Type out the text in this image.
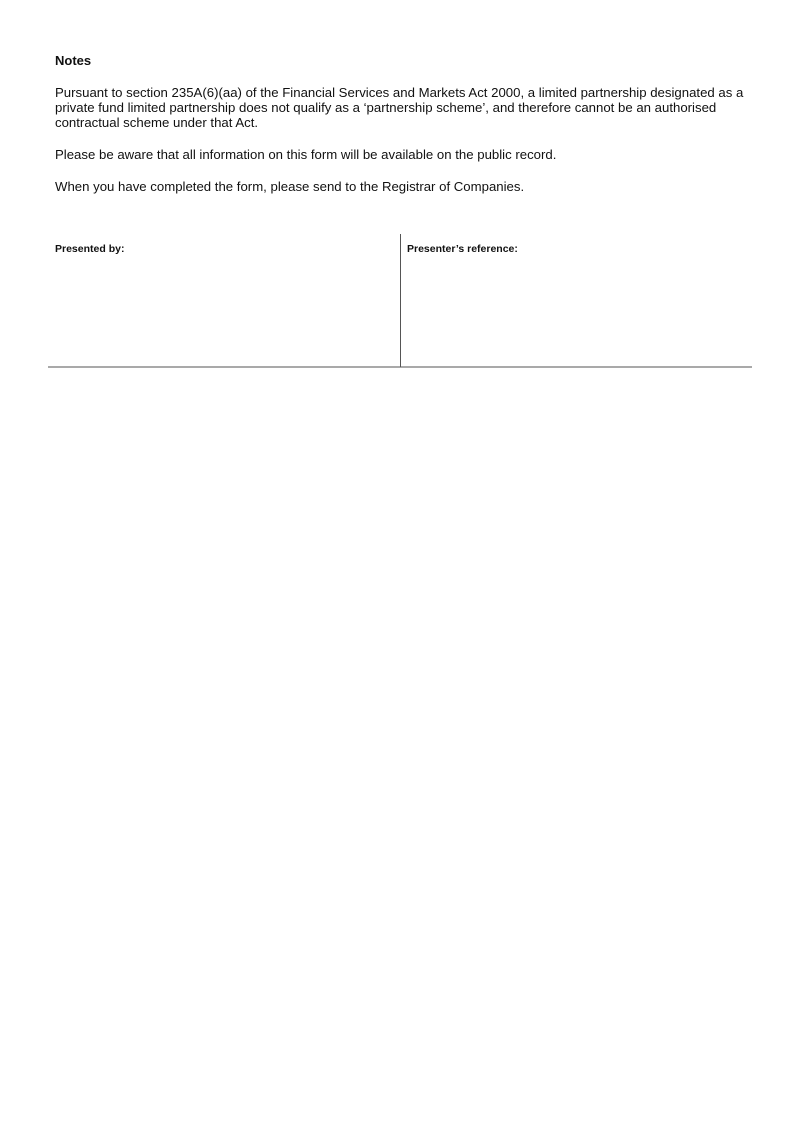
Notes

Pursuant to section 235A(6)(aa) of the Financial Services and Markets Act 2000, a limited partnership designated as a private fund limited partnership does not qualify as a ‘partnership scheme’, and therefore cannot be an authorised contractual scheme under that Act.

Please be aware that all information on this form will be available on the public record.

When you have completed the form, please send to the Registrar of Companies.

Presented by:	Presenter’s reference:
